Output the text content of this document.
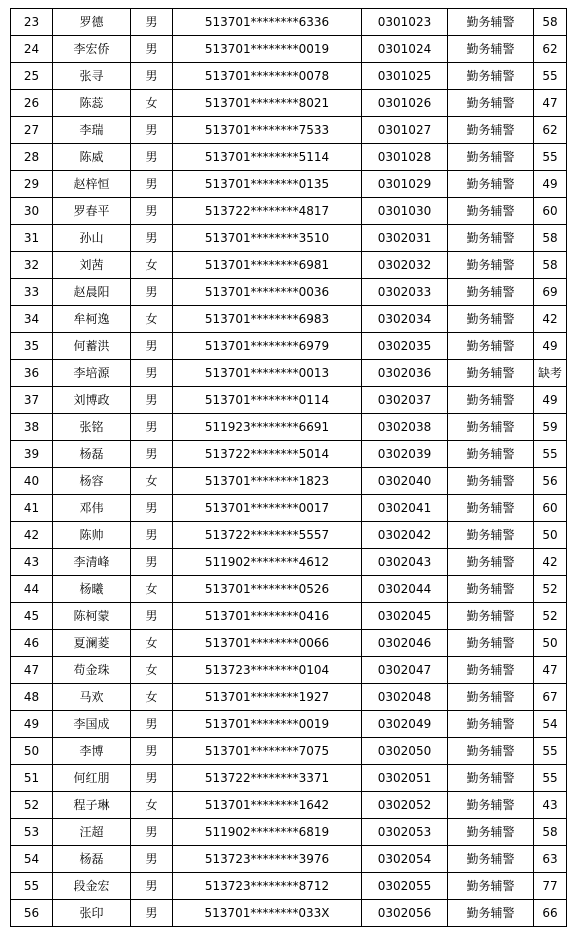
23	罗德	男	513701********6336	0301023	勤务辅警	58
24	李宏侨	男	513701********0019	0301024	勤务辅警	62
25	张寻	男	513701********0078	0301025	勤务辅警	55
26	陈蕊	女	513701********8021	0301026	勤务辅警	47
27	李瑞	男	513701********7533	0301027	勤务辅警	62
28	陈威	男	513701********5114	0301028	勤务辅警	55
29	赵梓恒	男	513701********0135	0301029	勤务辅警	49
30	罗春平	男	513722********4817	0301030	勤务辅警	60
31	孙山	男	513701********3510	0302031	勤务辅警	58
32	刘茜	女	513701********6981	0302032	勤务辅警	58
33	赵晨阳	男	513701********0036	0302033	勤务辅警	69
34	牟柯逸	女	513701********6983	0302034	勤务辅警	42
35	何蓄洪	男	513701********6979	0302035	勤务辅警	49
36	李培源	男	513701********0013	0302036	勤务辅警	缺考
37	刘博政	男	513701********0114	0302037	勤务辅警	49
38	张铭	男	511923********6691	0302038	勤务辅警	59
39	杨磊	男	513722********5014	0302039	勤务辅警	55
40	杨容	女	513701********1823	0302040	勤务辅警	56
41	邓伟	男	513701********0017	0302041	勤务辅警	60
42	陈帅	男	513722********5557	0302042	勤务辅警	50
43	李清峰	男	511902********4612	0302043	勤务辅警	42
44	杨曦	女	513701********0526	0302044	勤务辅警	52
45	陈柯蒙	男	513701********0416	0302045	勤务辅警	52
46	夏澜菱	女	513701********0066	0302046	勤务辅警	50
47	苟金珠	女	513723********0104	0302047	勤务辅警	47
48	马欢	女	513701********1927	0302048	勤务辅警	67
49	李国成	男	513701********0019	0302049	勤务辅警	54
50	李博	男	513701********7075	0302050	勤务辅警	55
51	何红朋	男	513722********3371	0302051	勤务辅警	55
52	程子琳	女	513701********1642	0302052	勤务辅警	43
53	汪超	男	511902********6819	0302053	勤务辅警	58
54	杨磊	男	513723********3976	0302054	勤务辅警	63
55	段金宏	男	513723********8712	0302055	勤务辅警	77
56	张印	男	513701********033X	0302056	勤务辅警	66
